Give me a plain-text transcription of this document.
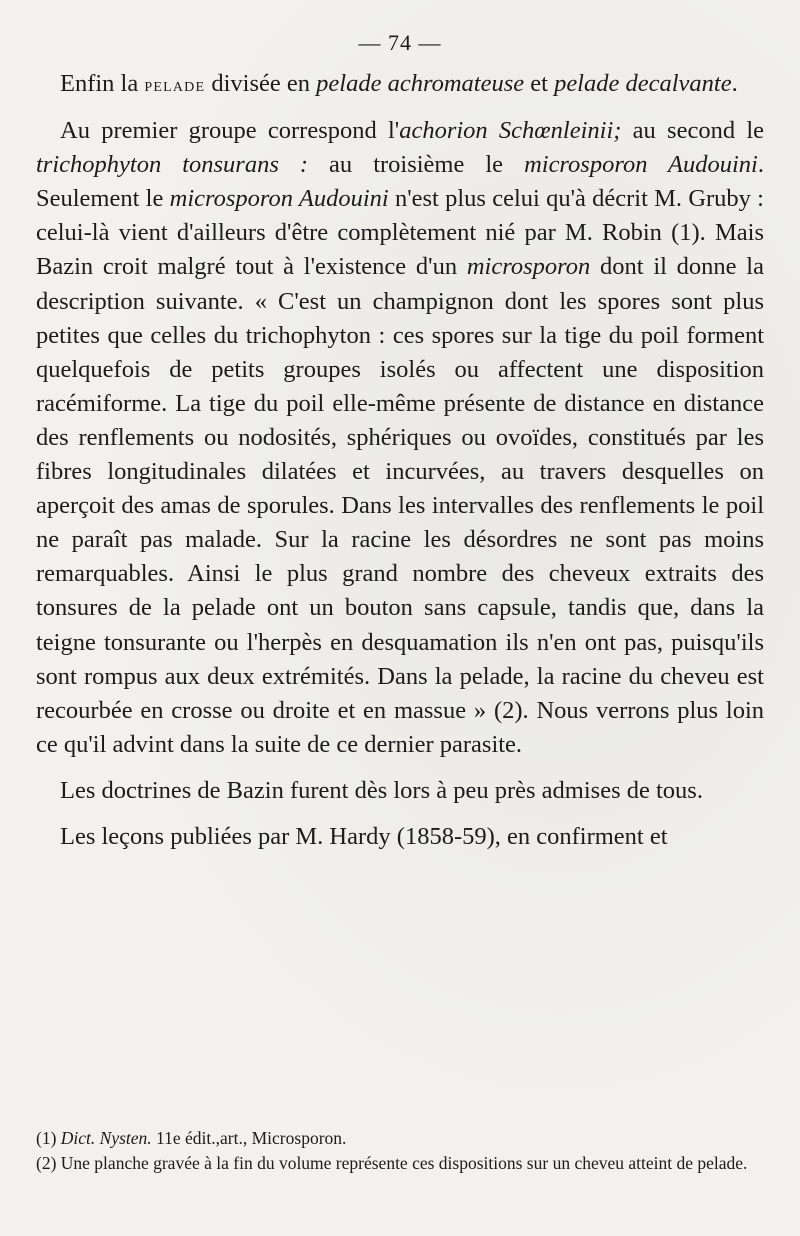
— 74 —

Enfin la pelade divisée en pelade achromateuse et pelade decalvante.

Au premier groupe correspond l'achorion Schœnleinii; au second le trichophyton tonsurans : au troisième le microsporon Audouini. Seulement le microsporon Audouini n'est plus celui qu'à décrit M. Gruby : celui-là vient d'ailleurs d'être complètement nié par M. Robin (1). Mais Bazin croit malgré tout à l'existence d'un microsporon dont il donne la description suivante. « C'est un champignon dont les spores sont plus petites que celles du trichophyton : ces spores sur la tige du poil forment quelquefois de petits groupes isolés ou affectent une disposition racémiforme. La tige du poil elle-même présente de distance en distance des renflements ou nodosités, sphériques ou ovoïdes, constitués par les fibres longitudinales dilatées et incurvées, au travers desquelles on aperçoit des amas de sporules. Dans les intervalles des renflements le poil ne paraît pas malade. Sur la racine les désordres ne sont pas moins remarquables. Ainsi le plus grand nombre des cheveux extraits des tonsures de la pelade ont un bouton sans capsule, tandis que, dans la teigne tonsurante ou l'herpès en desquamation ils n'en ont pas, puisqu'ils sont rompus aux deux extrémités. Dans la pelade, la racine du cheveu est recourbée en crosse ou droite et en massue » (2). Nous verrons plus loin ce qu'il advint dans la suite de ce dernier parasite.

Les doctrines de Bazin furent dès lors à peu près admises de tous.

Les leçons publiées par M. Hardy (1858-59), en confirment et

(1) Dict. Nysten. 11e édit.,art., Microsporon.

(2) Une planche gravée à la fin du volume représente ces dispositions sur un cheveu atteint de pelade.
